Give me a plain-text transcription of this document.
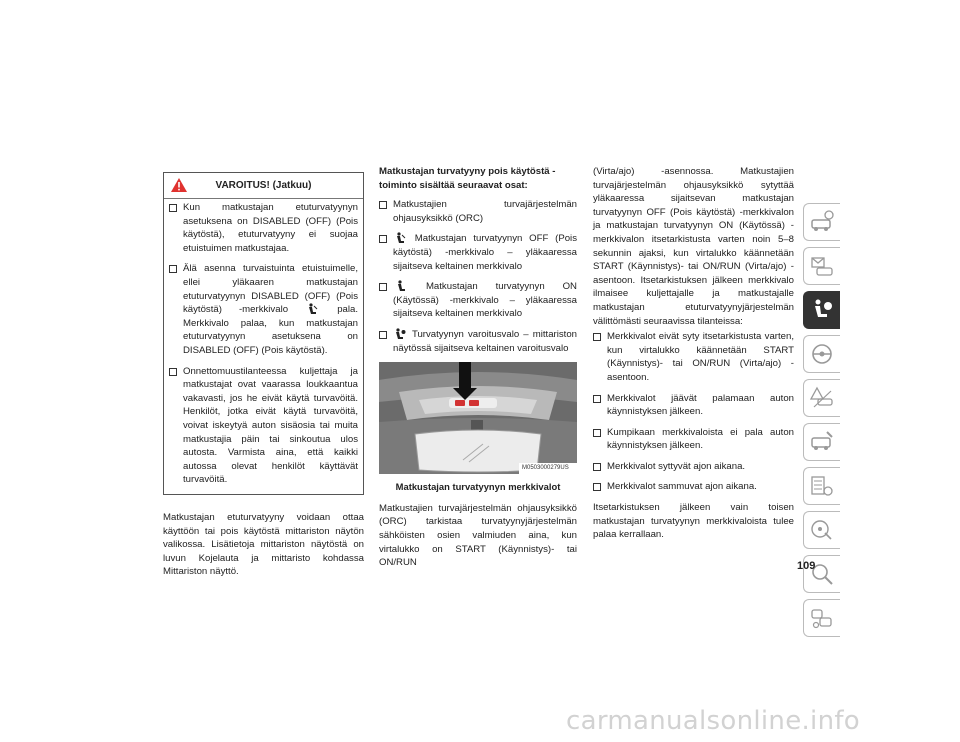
VAROITUS! (Jatkuu)
Kun matkustajan etuturvatyynyn asetuksena on DISABLED (OFF) (Pois käytöstä), etuturvatyyny ei suojaa etuistuimen matkustajaa.
Älä asenna turvaistuinta etuistuimelle, ellei yläkaaren matkustajan etuturvatyynyn DISABLED (OFF) (Pois käytöstä) -merkkivalo	pala. Merkkivalo palaa, kun matkustajan etuturvatyynyn asetuksena on DISABLED (OFF) (Pois käytöstä).
Onnettomuustilanteessa kuljettaja ja matkustajat ovat vaarassa loukkaantua vakavasti, jos he eivät käytä turvavöitä. Henkilöt, jotka eivät käytä turvavöitä, voivat iskeytyä auton sisäosia tai muita matkustajia päin tai sinkoutua ulos autosta. Varmista aina, että kaikki autossa olevat henkilöt käyttävät turvavöitä.
Matkustajan etuturvatyyny voidaan ottaa käyttöön tai pois käytöstä mittariston näytön valikossa. Lisätietoja mittariston näytöstä on luvun Kojelauta ja mittaristo kohdassa Mittariston näyttö.
Matkustajan turvatyyny pois käytöstä -toiminto sisältää seuraavat osat:
Matkustajien turvajärjestelmän ohjausyksikkö (ORC)
Matkustajan turvatyynyn OFF (Pois käytöstä) -merkkivalo – yläkaaressa sijaitseva keltainen merkkivalo
Matkustajan turvatyynyn ON (Käytössä) -merkkivalo – yläkaaressa sijaitseva keltainen merkkivalo
Turvatyynyn varoitusvalo – mittariston näytössä sijaitseva keltainen varoitusvalo
M0503000279US
Matkustajan turvatyynyn merkkivalot
Matkustajien turvajärjestelmän ohjausyksikkö (ORC) tarkistaa turvatyynyjärjestelmän sähköisten osien valmiuden aina, kun virtalukko on START (Käynnistys)- tai ON/RUN
(Virta/ajo) -asennossa. Matkustajien turvajärjestelmän ohjausyksikkö sytyttää yläkaaressa sijaitsevan matkustajan turvatyynyn OFF (Pois käytöstä) -merkkivalon ja matkustajan turvatyynyn ON (Käytössä) -merkkivalon itsetarkistusta varten noin 5–8 sekunnin ajaksi, kun virtalukko käännetään START (Käynnistys)- tai ON/RUN (Virta/ajo) -asentoon. Itsetarkistuksen jälkeen merkkivalo ilmaisee kuljettajalle ja matkustajalle matkustajan etuturvatyynyjärjestelmän välittömästi seuraavissa tilanteissa:
Merkkivalot eivät syty itsetarkistusta varten, kun virtalukko käännetään START (Käynnistys)- tai ON/RUN (Virta/ajo) -asentoon.
Merkkivalot jäävät palamaan auton käynnistyksen jälkeen.
Kumpikaan merkkivaloista ei pala auton käynnistyksen jälkeen.
Merkkivalot syttyvät ajon aikana.
Merkkivalot sammuvat ajon aikana.
Itsetarkistuksen jälkeen vain toisen matkustajan turvatyynyn merkkivaloista tulee palaa kerrallaan.
109
carmanualsonline.info
